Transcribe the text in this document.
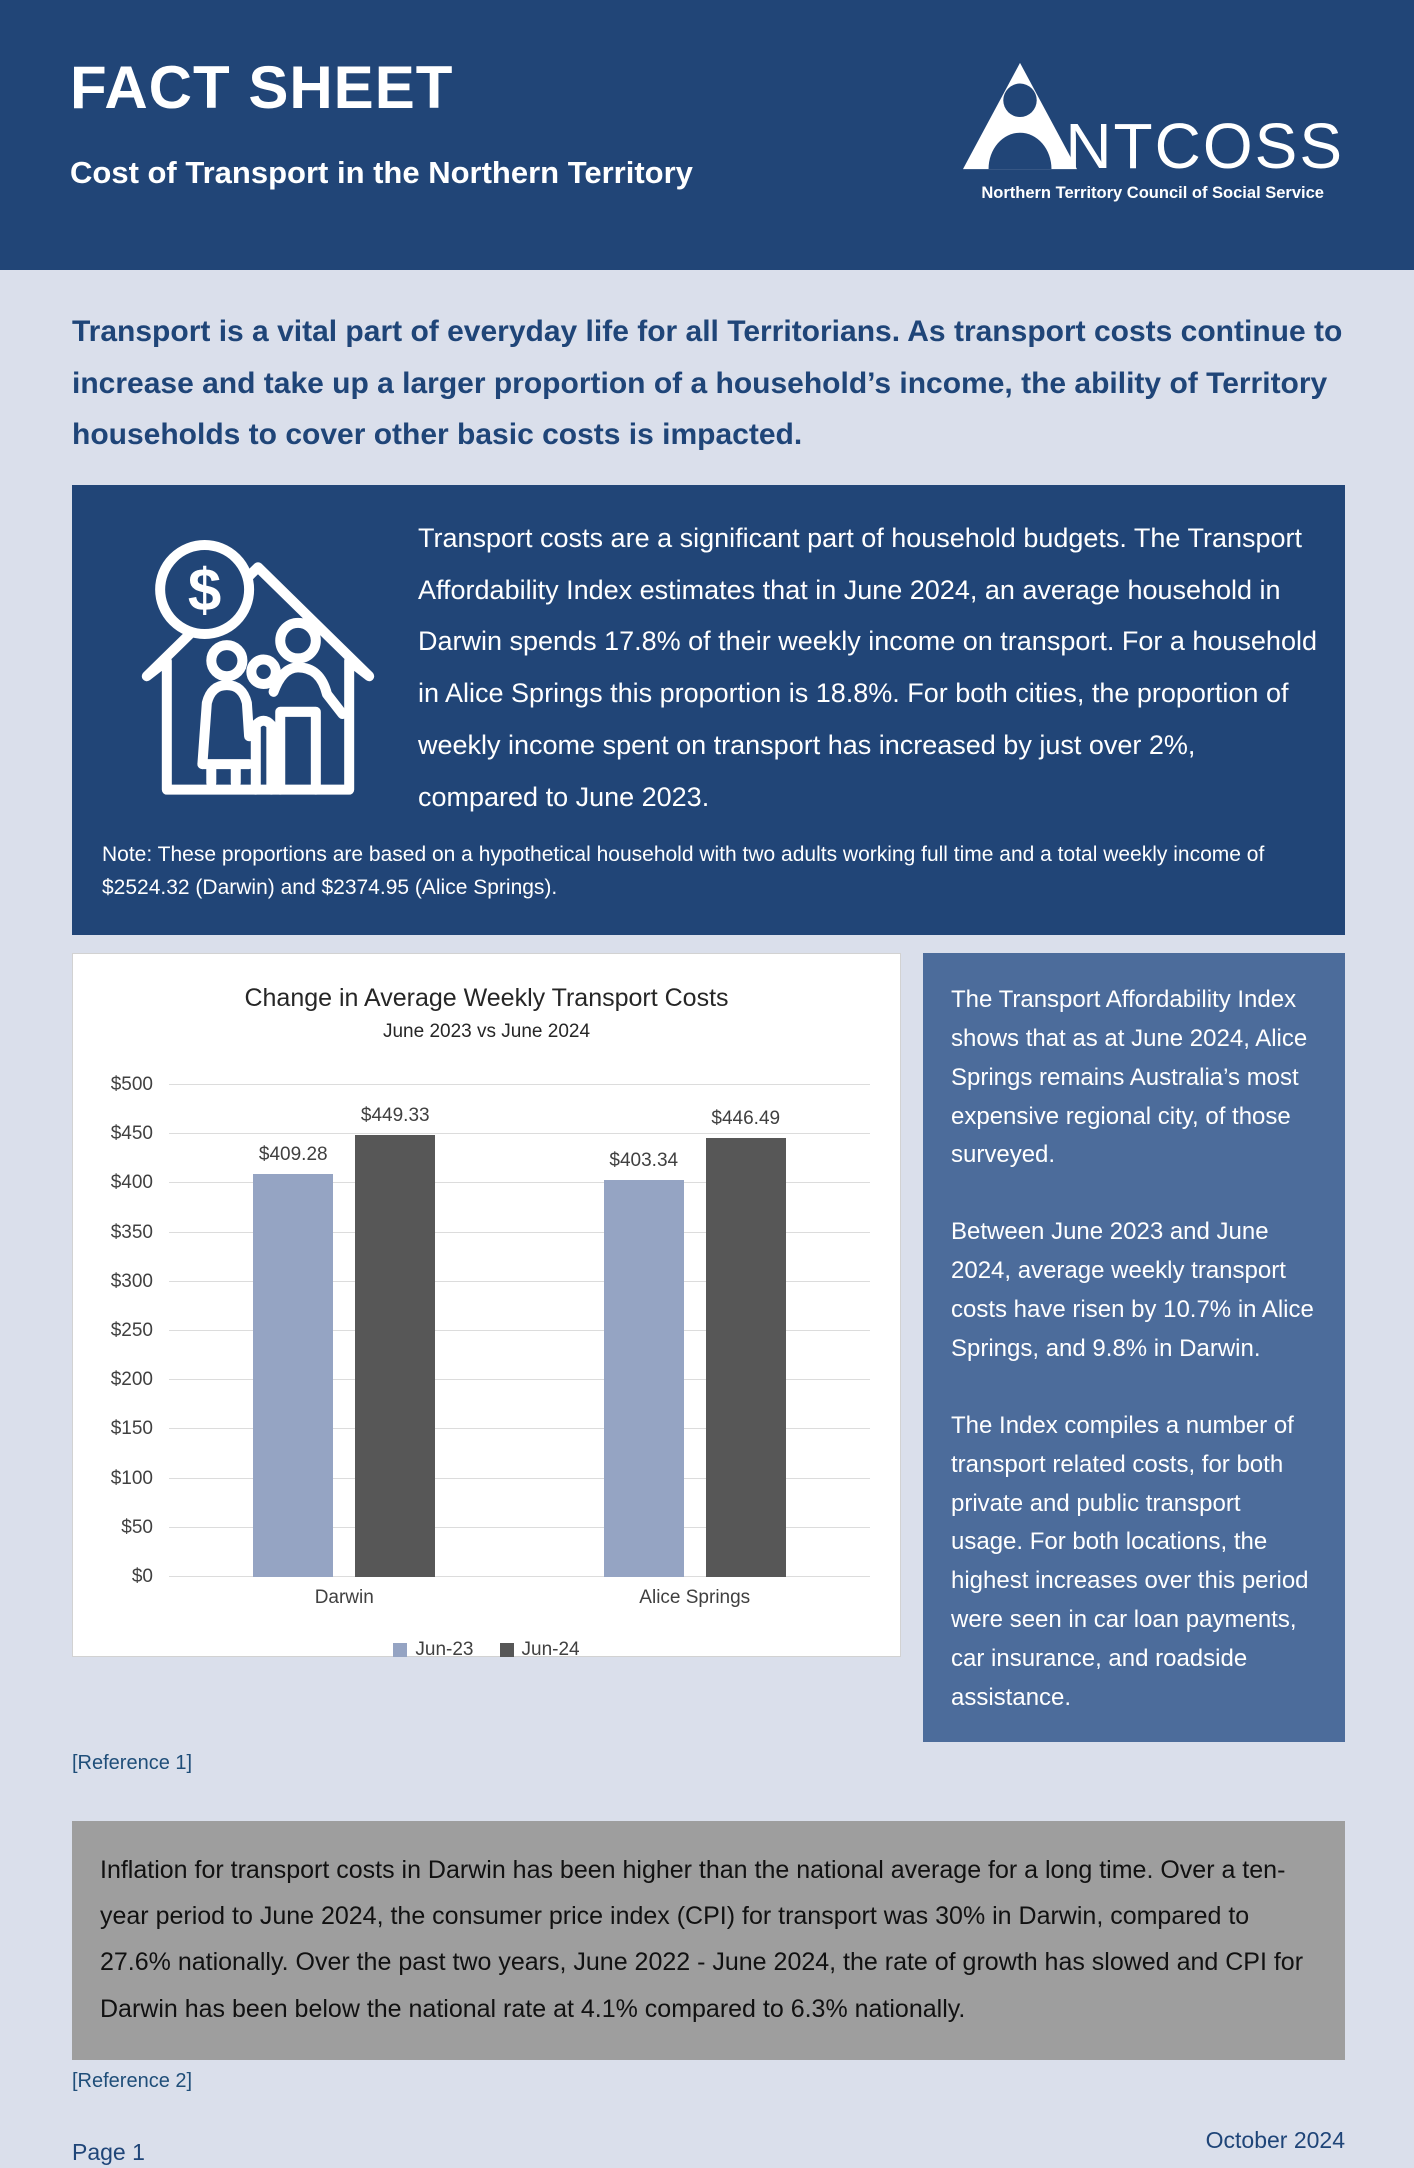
FACT SHEET
Cost of Transport in the Northern Territory	NTCOSS
Northern Territory Council of Social Service

Transport is a vital part of everyday life for all Territorians. As transport costs continue to increase and take up a larger proportion of a household’s income, the ability of Territory households to cover other basic costs is impacted.

$

Transport costs are a significant part of household budgets. The Transport Affordability Index estimates that in June 2024, an average household in Darwin spends 17.8% of their weekly income on transport. For a household in Alice Springs this proportion is 18.8%. For both cities, the proportion of weekly income spent on transport has increased by just over 2%, compared to June 2023.

Note: These proportions are based on a hypothetical household with two adults working full time and a total weekly income of $2524.32 (Darwin) and $2374.95 (Alice Springs).

Change in Average Weekly Transport Costs
June 2023 vs June 2024
$500
$450
$400
$350
$300
$250
$200
$150
$100
$50
$0
$409.28
$449.33
$403.34
$446.49
Darwin	Alice Springs
Jun-23	Jun-24

The Transport Affordability Index shows that as at June 2024, Alice Springs remains Australia’s most expensive regional city, of those surveyed.

Between June 2023 and June 2024, average weekly transport costs have risen by 10.7% in Alice Springs, and 9.8% in Darwin.

The Index compiles a number of transport related costs, for both private and public transport usage. For both locations, the highest increases over this period were seen in car loan payments, car insurance, and roadside assistance.

[Reference 1]
Inflation for transport costs in Darwin has been higher than the national average for a long time. Over a ten-year period to June 2024, the consumer price index (CPI) for transport was 30% in Darwin, compared to 27.6% nationally. Over the past two years, June 2022 - June 2024, the rate of growth has slowed and CPI for Darwin has been below the national rate at 4.1% compared to 6.3% nationally.
[Reference 2]
Page 1	October 2024
